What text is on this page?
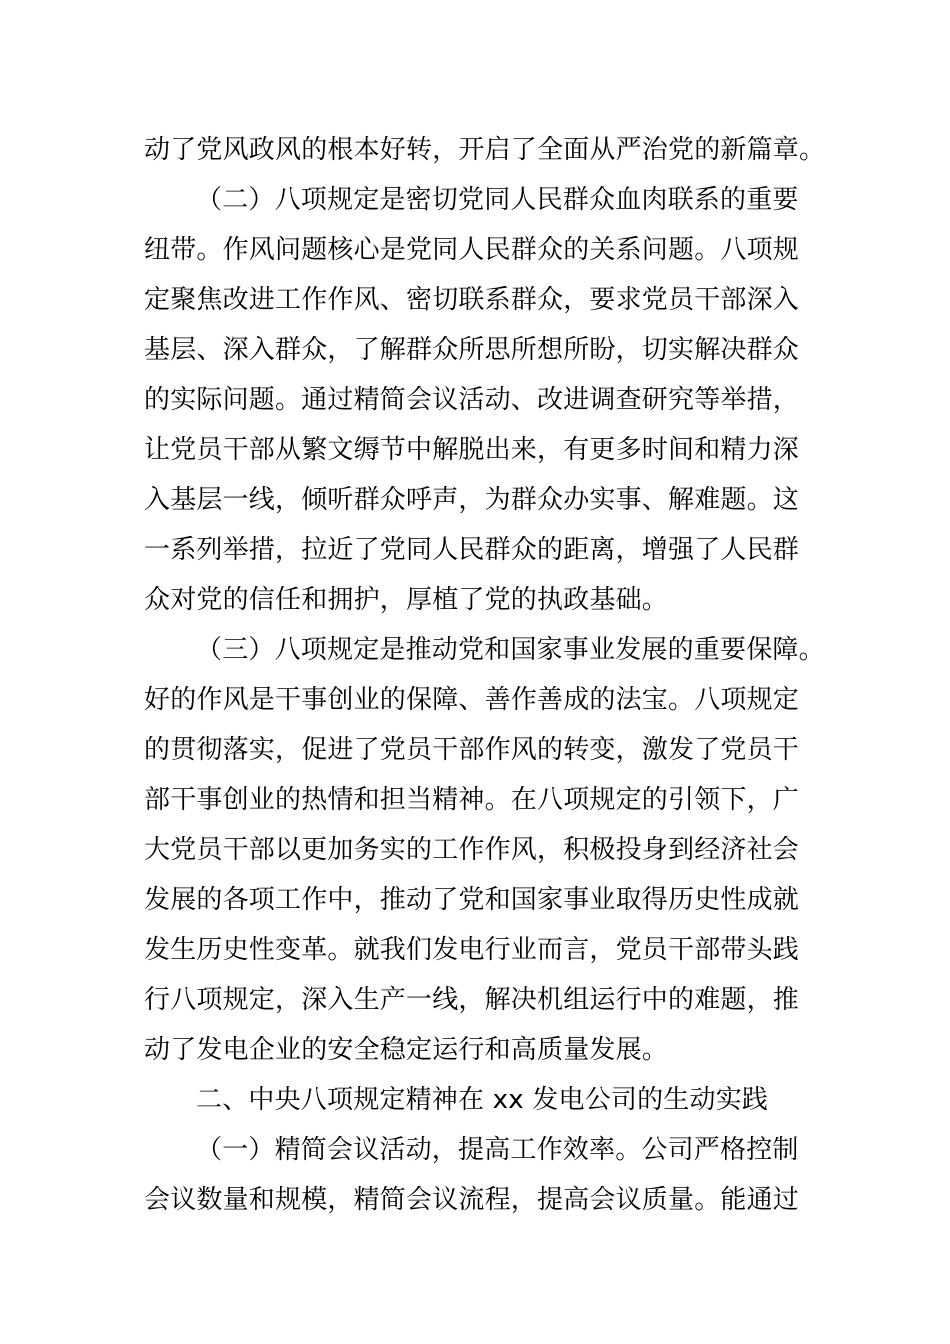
动了党风政风的根本好转，开启了全面从严治党的新篇章。
（二）八项规定是密切党同人民群众血肉联系的重要
纽带。作风问题核心是党同人民群众的关系问题。八项规
定聚焦改进工作作风、密切联系群众，要求党员干部深入
基层、深入群众，了解群众所思所想所盼，切实解决群众
的实际问题。通过精简会议活动、改进调查研究等举措，
让党员干部从繁文缛节中解脱出来，有更多时间和精力深
入基层一线，倾听群众呼声，为群众办实事、解难题。这
一系列举措，拉近了党同人民群众的距离，增强了人民群
众对党的信任和拥护，厚植了党的执政基础。
（三）八项规定是推动党和国家事业发展的重要保障。
好的作风是干事创业的保障、善作善成的法宝。八项规定
的贯彻落实，促进了党员干部作风的转变，激发了党员干
部干事创业的热情和担当精神。在八项规定的引领下，广
大党员干部以更加务实的工作作风，积极投身到经济社会
发展的各项工作中，推动了党和国家事业取得历史性成就
发生历史性变革。就我们发电行业而言，党员干部带头践
行八项规定，深入生产一线，解决机组运行中的难题，推
动了发电企业的安全稳定运行和高质量发展。
二、中央八项规定精神在 xx 发电公司的生动实践
（一）精简会议活动，提高工作效率。公司严格控制
会议数量和规模，精简会议流程，提高会议质量。能通过
